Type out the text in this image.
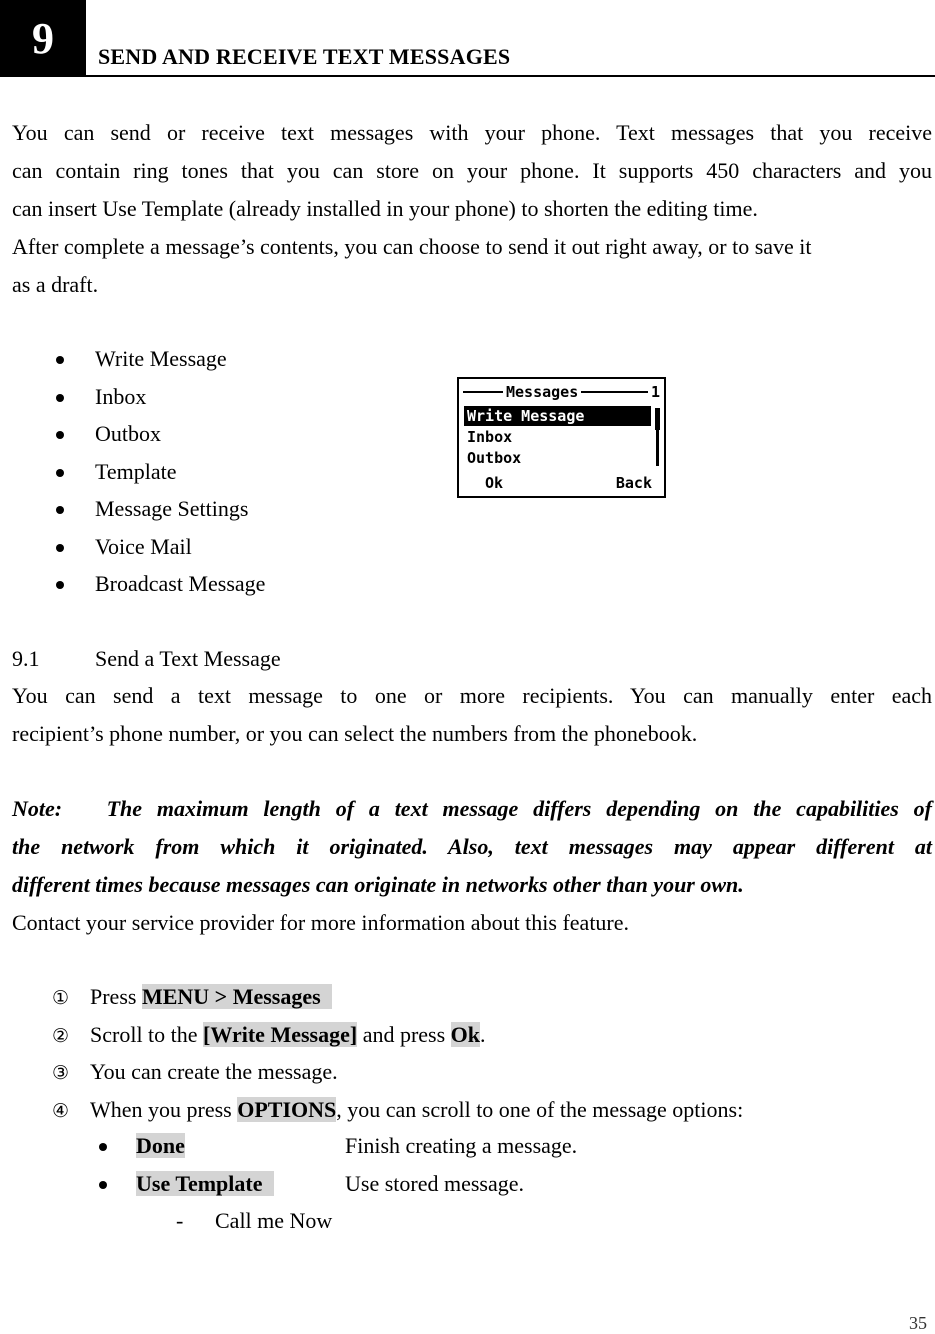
9 SEND AND RECEIVE TEXT MESSAGES
You can send or receive text messages with your phone. Text messages that you receive
can contain ring tones that you can store on your phone. It supports 450 characters and you
can insert Use Template (already installed in your phone) to shorten the editing time.
After complete a message’s contents, you can choose to send it out right away, or to save it
as a draft.
Write Message
Inbox
Outbox
Template
Message Settings
Voice Mail
Broadcast Message
Messages	1
Write Message
Inbox
Outbox
Ok	Back
9.1	Send a Text Message
You can send a text message to one or more recipients. You can manually enter each
recipient’s phone number, or you can select the numbers from the phonebook.
Note:   The maximum length of a text message differs depending on the capabilities of
the network from which it originated. Also, text messages may appear different at
different times because messages can originate in networks other than your own.
Contact your service provider for more information about this feature.
① Press MENU > Messages
② Scroll to the [Write Message] and press Ok.
③ You can create the message.
④ When you press OPTIONS, you can scroll to one of the message options:
Done	Finish creating a message.
Use Template	Use stored message.
- Call me Now
35
